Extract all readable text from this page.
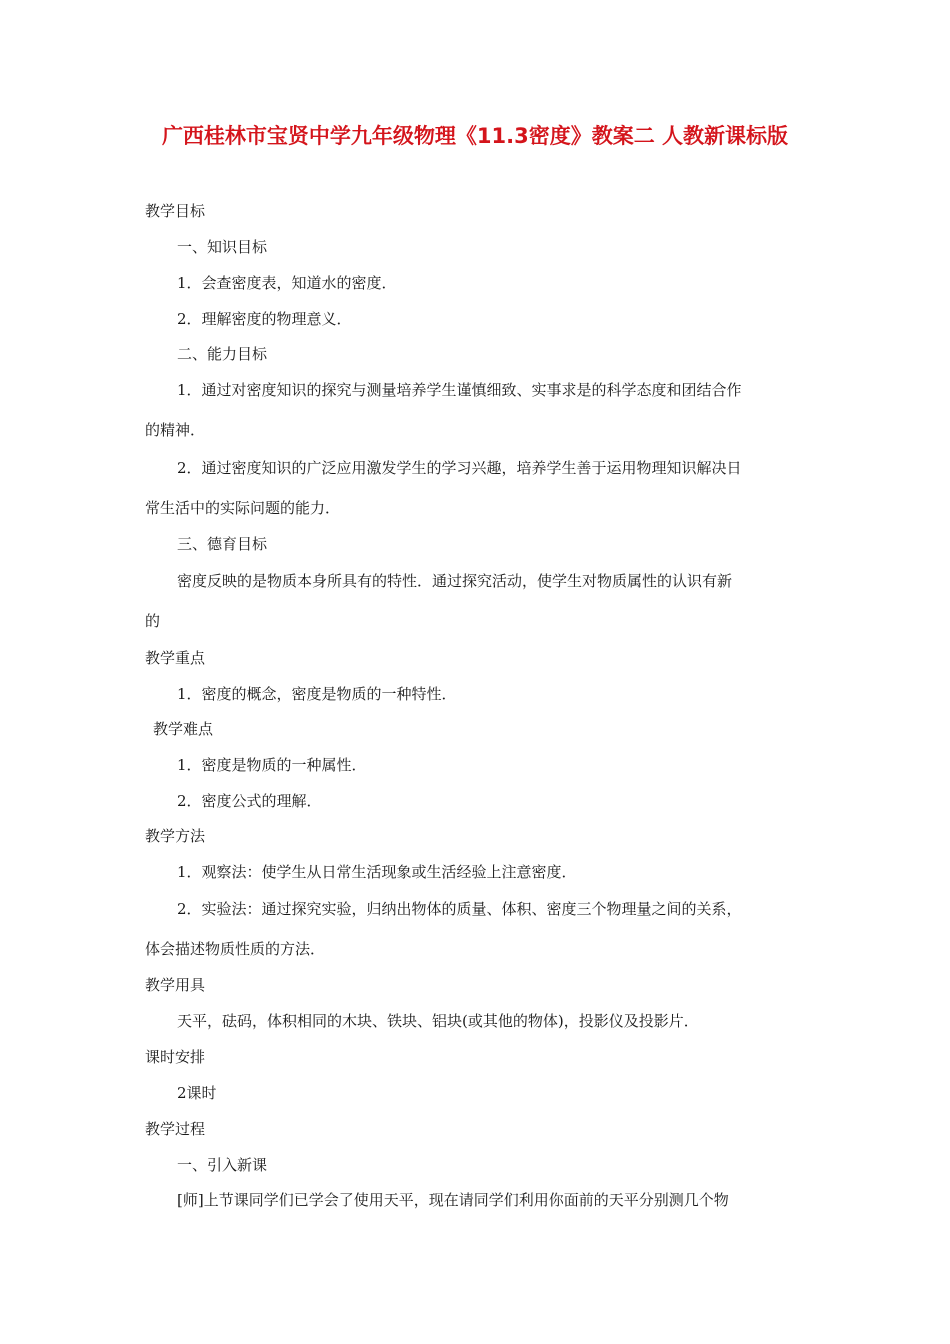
广西桂林市宝贤中学九年级物理《11.3密度》教案二 人教新课标版
教学目标
一、知识目标
1．会查密度表，知道水的密度．
2．理解密度的物理意义．
二、能力目标
1．通过对密度知识的探究与测量培养学生谨慎细致、实事求是的科学态度和团结合作
的精神．
2．通过密度知识的广泛应用激发学生的学习兴趣，培养学生善于运用物理知识解决日
常生活中的实际问题的能力．
三、德育目标
密度反映的是物质本身所具有的特性．通过探究活动，使学生对物质属性的认识有新
的
教学重点
1．密度的概念，密度是物质的一种特性．
教学难点
1．密度是物质的一种属性．
2．密度公式的理解．
教学方法
1．观察法：使学生从日常生活现象或生活经验上注意密度．
2．实验法：通过探究实验，归纳出物体的质量、体积、密度三个物理量之间的关系，
体会描述物质性质的方法．
教学用具
天平，砝码，体积相同的木块、铁块、铝块(或其他的物体)，投影仪及投影片．
课时安排
2课时
教学过程
一、引入新课
[师]上节课同学们已学会了使用天平，现在请同学们利用你面前的天平分别测几个物
